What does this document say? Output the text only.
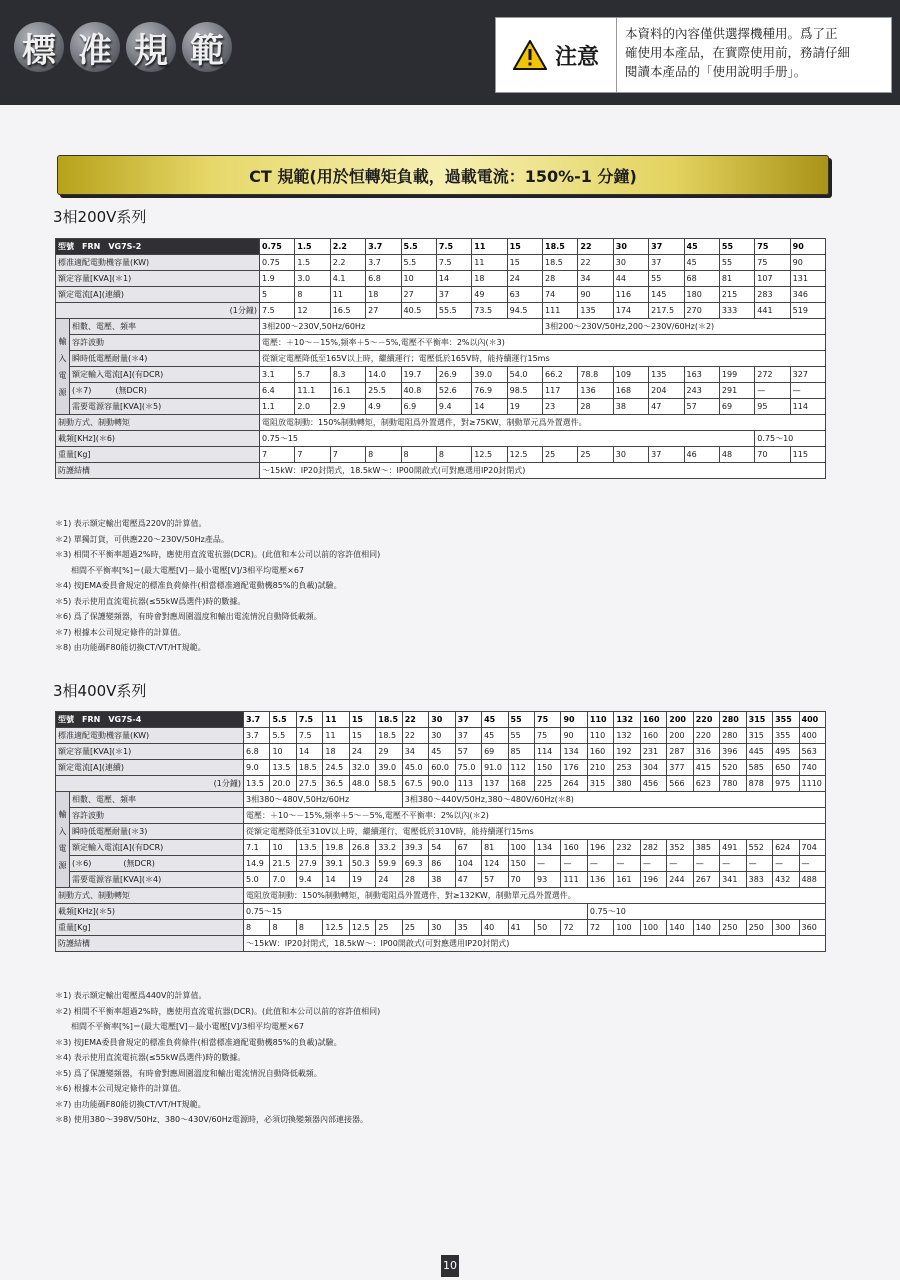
標 准 規 範	注意
本資料的內容僅供選擇機種用。爲了正
確使用本產品，在實際使用前，務請仔細
閱讀本產品的「使用說明手册」。
CT 規範(用於恒轉矩負載，過載電流：150%-1 分鐘)
3相200V系列
型號　FRN　VG7S-2		0.75	1.5	2.2	3.7	5.5	7.5	11	15	18.5	22	30	37	45	55	75	90
標准適配電動機容量(KW)		0.75	1.5	2.2	3.7	5.5	7.5	11	15	18.5	22	30	37	45	55	75	90
額定容量[KVA](＊1)		1.9	3.0	4.1	6.8	10	14	18	24	28	34	44	55	68	81	107	131
額定電流[A](連續)		5	8	11	18	27	37	49	63	74	90	116	145	180	215	283	346
(1分鐘)		7.5	12	16.5	27	40.5	55.5	73.5	94.5	111	135	174	217.5	270	333	441	519

輸
入
電
源	相數、電壓、頻率	3相200〜230V,50Hz/60Hz								3相200〜230V/50Hz,200〜230V/60Hz(＊2)							
	容許波動	電壓：＋10〜－15%,頻率＋5〜－5%,電壓不平衡率：2%以內(＊3)															
	瞬時低電壓耐量(＊4)	從額定電壓降低至165V以上時，繼續運行；電壓低於165V時，能持續運行15ms															
	額定輸入電流[A](有DCR)	3.1	5.7	8.3	14.0	19.7	26.9	39.0	54.0	66.2	78.8	109	135	163	199	272	327
	(＊7)　　　(無DCR)	6.4	11.1	16.1	25.5	40.8	52.6	76.9	98.5	117	136	168	204	243	291	—	—
	需要電源容量[KVA](＊5)	1.1	2.0	2.9	4.9	6.9	9.4	14	19	23	28	38	47	57	69	95	114
制動方式、制動轉矩		電阻放電制動：150%制動轉矩，制動電阻爲外置選件，對≥75KW，制動單元爲外置選件。															
載頻[KHz](＊6)		0.75〜15														0.75〜10	
重量[Kg]		7	7	7	8	8	8	12.5	12.5	25	25	30	37	46	48	70	115
防護結構		〜15kW：IP20封閉式，18.5kW〜：IP00開啟式(可對應選用IP20封閉式)															
＊1) 表示額定輸出電壓爲220V的計算值。
＊2) 單獨訂貨，可供應220〜230V/50Hz產品。
＊3) 相間不平衡率超過2%時，應使用直流電抗器(DCR)。(此值和本公司以前的容許值相同)
　　相間不平衡率[%]＝(最大電壓[V]－最小電壓[V]/3相平均電壓×67
＊4) 按JEMA委員會規定的標准負荷條件(相當標准適配電動機85%的負載)試驗。
＊5) 表示使用直流電抗器(≤55kW爲選件)時的數據。
＊6) 爲了保護變頻器，有時會對應周圍溫度和輸出電流情況自動降低載頻。
＊7) 根據本公司規定條件的計算值。
＊8) 由功能碼F80能切換CT/VT/HT規範。
3相400V系列
型號　FRN　VG7S-4		3.7	5.5	7.5	11	15	18.5	22	30	37	45	55	75	90	110	132	160	200	220	280	315	355	400
標准適配電動機容量(KW)		3.7	5.5	7.5	11	15	18.5	22	30	37	45	55	75	90	110	132	160	200	220	280	315	355	400
額定容量[KVA](＊1)		6.8	10	14	18	24	29	34	45	57	69	85	114	134	160	192	231	287	316	396	445	495	563
額定電流[A](連續)		9.0	13.5	18.5	24.5	32.0	39.0	45.0	60.0	75.0	91.0	112	150	176	210	253	304	377	415	520	585	650	740
(1分鐘)		13.5	20.0	27.5	36.5	48.0	58.5	67.5	90.0	113	137	168	225	264	315	380	456	566	623	780	878	975	1110

輸
入
電
源	相數、電壓、頻率	3相380〜480V,50Hz/60Hz						3相380〜440V/50Hz,380〜480V/60Hz(＊8)															
	容許波動	電壓：＋10〜－15%,頻率＋5〜－5%,電壓不平衡率：2%以內(＊2)																					
	瞬時低電壓耐量(＊3)	從額定電壓降低至310V以上時，繼續運行，電壓低於310V時，能持續運行15ms																					
	額定輸入電流[A](有DCR)	7.1	10	13.5	19.8	26.8	33.2	39.3	54	67	81	100	134	160	196	232	282	352	385	491	552	624	704
	(＊6)　　　　(無DCR)	14.9	21.5	27.9	39.1	50.3	59.9	69.3	86	104	124	150	—	—	—	—	—	—	—	—	—	—	—
	需要電源容量[KVA](＊4)	5.0	7.0	9.4	14	19	24	28	38	47	57	70	93	111	136	161	196	244	267	341	383	432	488
制動方式、制動轉矩		電阻放電制動：150%制動轉矩，制動電阻爲外置選件，對≥132KW，制動單元爲外置選件。																					
載頻[KHz](＊5)		0.75〜15													0.75〜10								
重量[Kg]		8	8	8	12.5	12.5	25	25	30	35	40	41	50	72	72	100	100	140	140	250	250	300	360
防護結構		〜15kW：IP20封閉式，18.5kW〜：IP00開啟式(可對應選用IP20封閉式)																					
＊1) 表示額定輸出電壓爲440V的計算值。
＊2) 相間不平衡率超過2%時，應使用直流電抗器(DCR)。(此值和本公司以前的容許值相同)
　　相間不平衡率[%]＝(最大電壓[V]－最小電壓[V]/3相平均電壓×67
＊3) 按JEMA委員會規定的標准負荷條件(相當標准適配電動機85%的負載)試驗。
＊4) 表示使用直流電抗器(≤55kW爲選件)時的數據。
＊5) 爲了保護變頻器，有時會對應周圍溫度和輸出電流情況自動降低載頻。
＊6) 根據本公司規定條件的計算值。
＊7) 由功能碼F80能切換CT/VT/HT規範。
＊8) 使用380〜398V/50Hz、380〜430V/60Hz電源時，必須切換變頻器內部連接器。
10
